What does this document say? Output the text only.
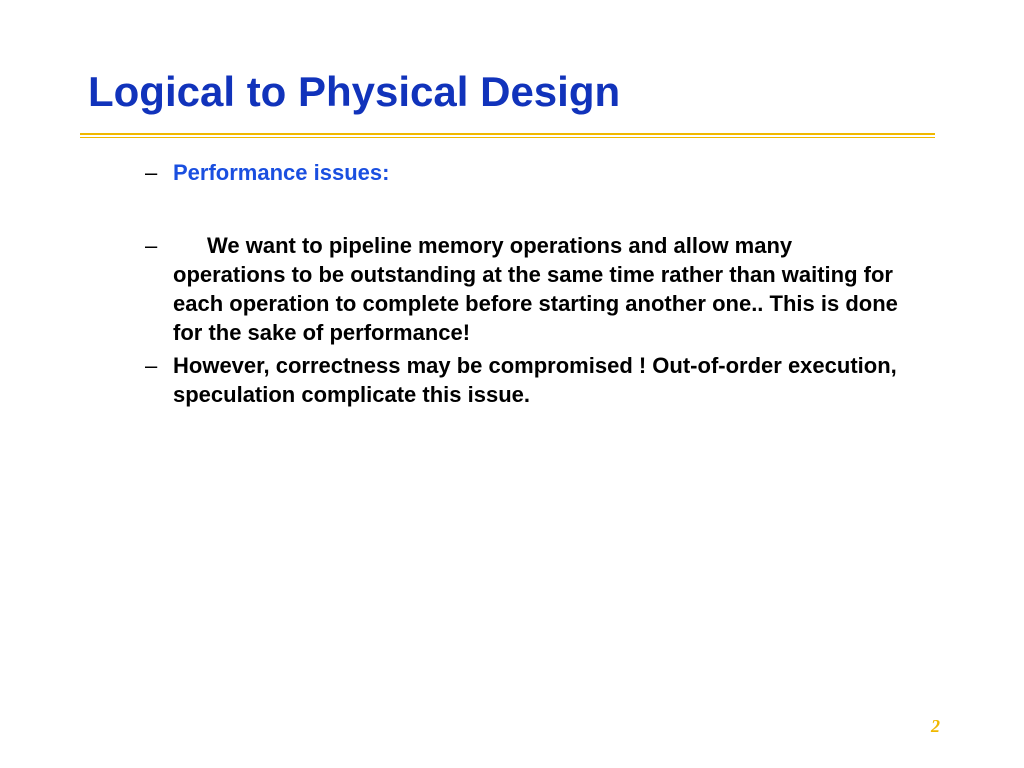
Logical to Physical Design
– Performance issues:
–	We want to pipeline memory operations and allow many operations to be outstanding at the same time rather than waiting for each operation to complete before starting another one.. This is done for the sake of performance!
– However, correctness may be compromised ! Out-of-order execution, speculation complicate this issue.
2
